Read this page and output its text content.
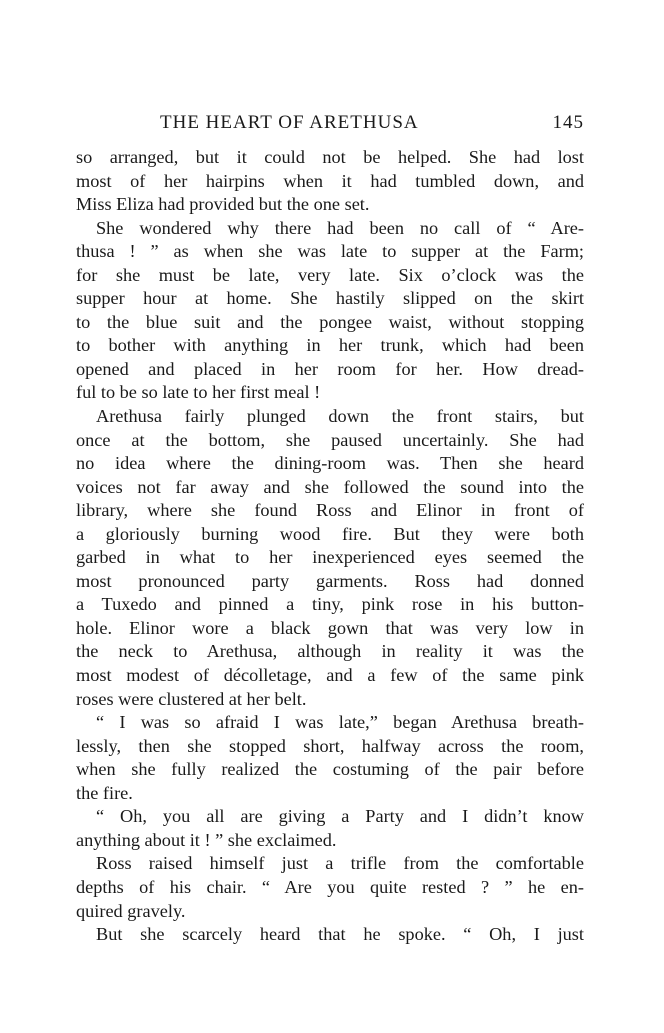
THE HEART OF ARETHUSA	145
so arranged, but it could not be helped. She had lost
most of her hairpins when it had tumbled down, and
Miss Eliza had provided but the one set.
She wondered why there had been no call of “ Are-
thusa ! ” as when she was late to supper at the Farm;
for she must be late, very late. Six o’clock was the
supper hour at home. She hastily slipped on the skirt
to the blue suit and the pongee waist, without stopping
to bother with anything in her trunk, which had been
opened and placed in her room for her. How dread-
ful to be so late to her first meal !
Arethusa fairly plunged down the front stairs, but
once at the bottom, she paused uncertainly. She had
no idea where the dining-room was. Then she heard
voices not far away and she followed the sound into the
library, where she found Ross and Elinor in front of
a gloriously burning wood fire. But they were both
garbed in what to her inexperienced eyes seemed the
most pronounced party garments. Ross had donned
a Tuxedo and pinned a tiny, pink rose in his button-
hole. Elinor wore a black gown that was very low in
the neck to Arethusa, although in reality it was the
most modest of décolletage, and a few of the same pink
roses were clustered at her belt.
“ I was so afraid I was late,” began Arethusa breath-
lessly, then she stopped short, halfway across the room,
when she fully realized the costuming of the pair before
the fire.
“ Oh, you all are giving a Party and I didn’t know
anything about it ! ” she exclaimed.
Ross raised himself just a trifle from the comfortable
depths of his chair. “ Are you quite rested ? ” he en-
quired gravely.
But she scarcely heard that he spoke. “ Oh, I just
